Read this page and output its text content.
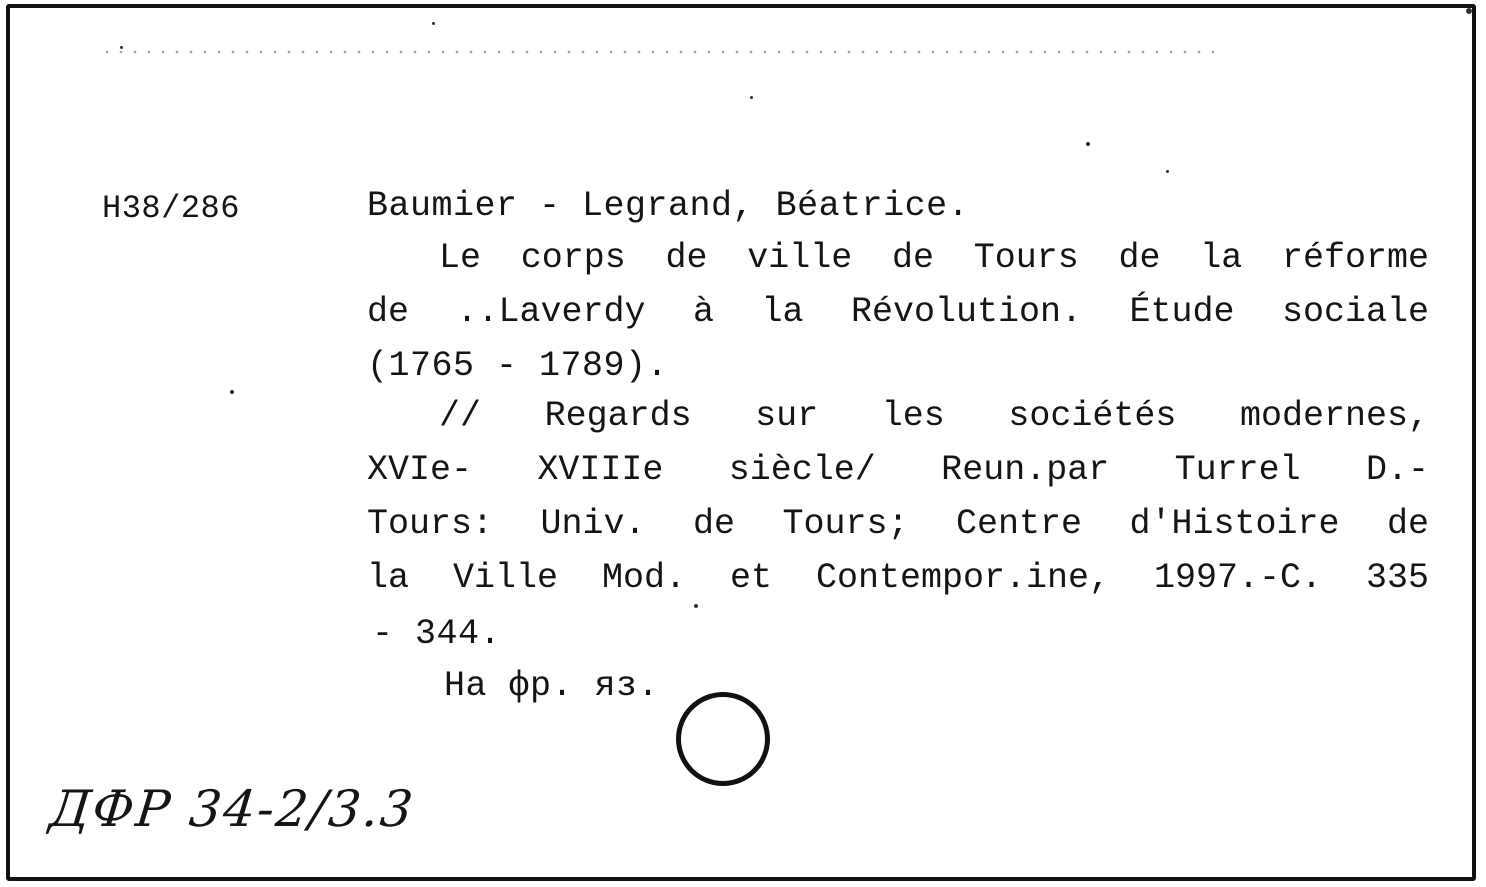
H38/286	Baumier - Legrand, Béatrice.
Le corps de ville de Tours de la réforme
de ..Laverdy à la Révolution. Étude sociale
(1765 - 1789).
// Regards sur les sociétés modernes,
XVIe- XVIIIe siècle/ Reun.par Turrel D.-
Tours: Univ. de Tours; Centre d'Histoire de
la Ville Mod. et Contempor.ine, 1997.-C. 335
- 344.
На фр. яз.
ДФР 34-2/3.3
